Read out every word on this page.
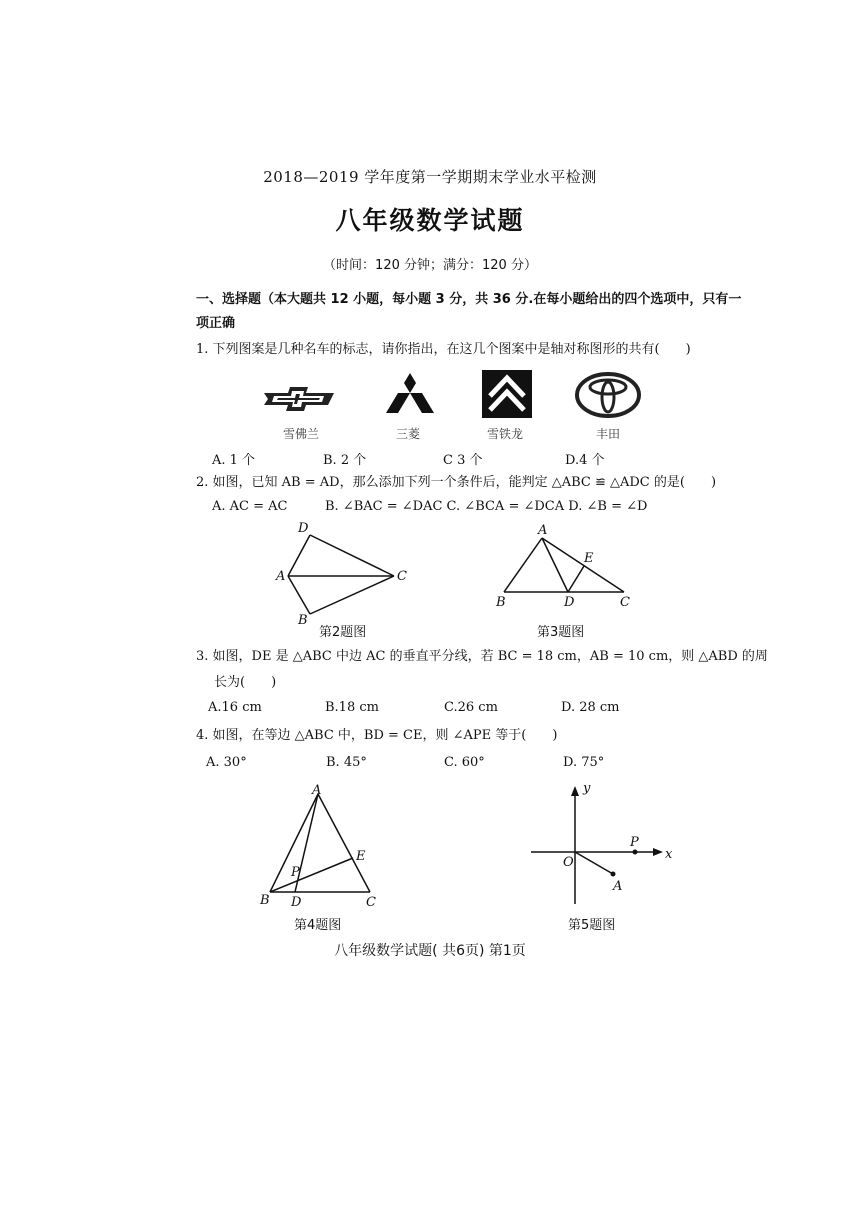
2018—2019 学年度第一学期期末学业水平检测
八年级数学试题
（时间：120 分钟；满分：120 分）
一、选择题（本大题共 12 小题，每小题 3 分，共 36 分.在每小题给出的四个选项中，只有一
项正确
1. 下列图案是几种名车的标志，请你指出，在这几个图案中是轴对称图形的共有(　　)
雪佛兰	三菱	雪铁龙	丰田
A. 1 个	B. 2 个	C 3 个	D.4 个
2. 如图，已知 AB = AD，那么添加下列一个条件后，能判定 △ABC ≌ △ADC 的是(　　)
A. AC = AC	B. ∠BAC = ∠DAC C. ∠BCA = ∠DCA D. ∠B = ∠D
D
A	C
B
第2题图
A
E
B	D	C
第3题图
3. 如图，DE 是 △ABC 中边 AC 的垂直平分线，若 BC = 18 cm，AB = 10 cm，则 △ABD 的周
长为(　　)
A.16 cm	B.18 cm	C.26 cm	D. 28 cm
4. 如图，在等边 △ABC 中，BD = CE，则 ∠APE 等于(　　)
A. 30°	B. 45°	C. 60°	D. 75°
A
E
P
B D	C
第4题图
y
O
P
x
A
第5题图
八年级数学试题( 共6页) 第1页
